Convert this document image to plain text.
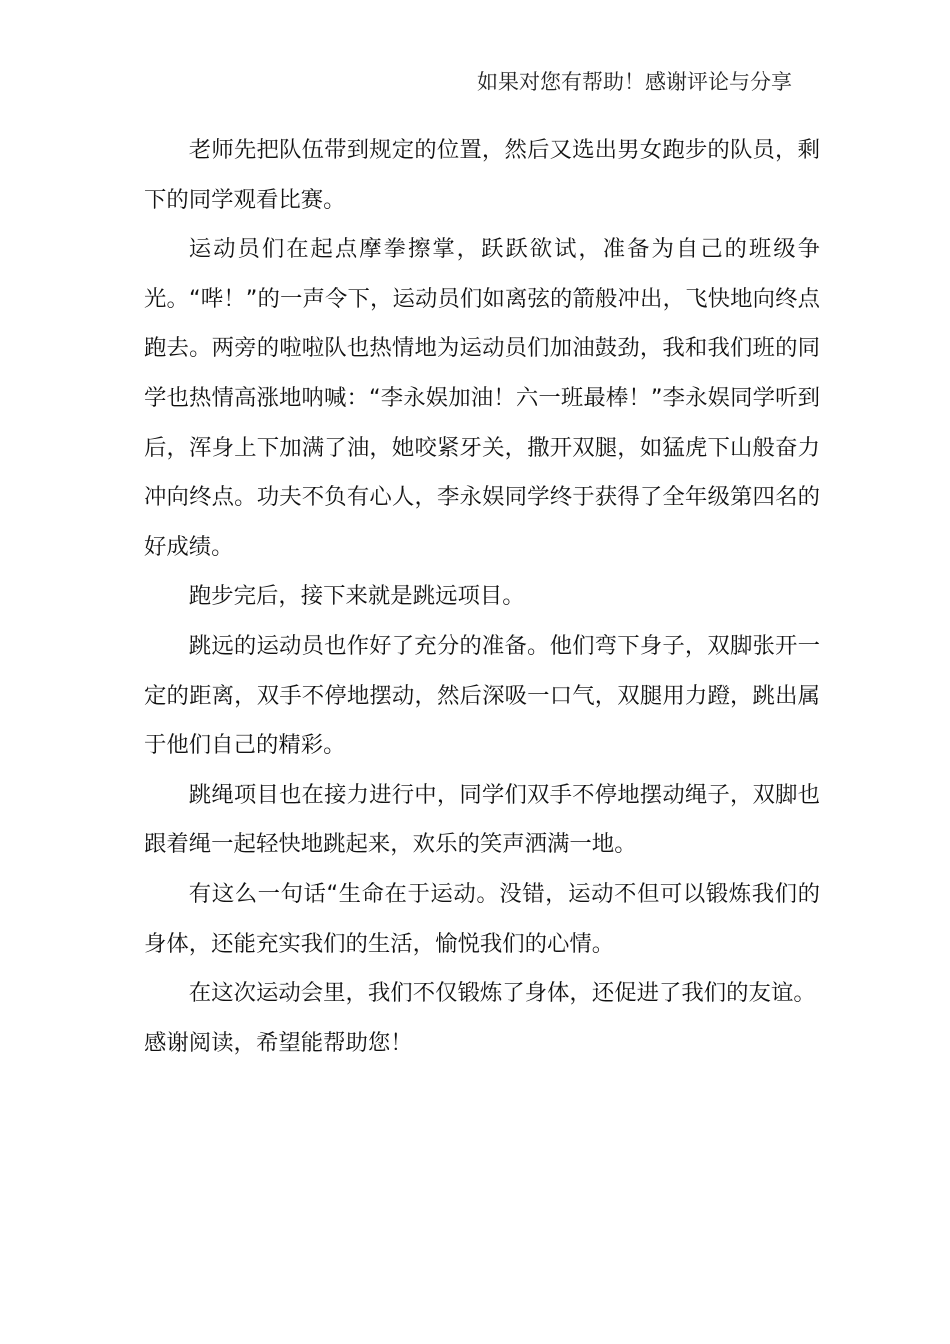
如果对您有帮助！感谢评论与分享

老师先把队伍带到规定的位置，然后又选出男女跑步的队员，剩下的同学观看比赛。

运动员们在起点摩拳擦掌，跃跃欲试，准备为自己的班级争光。“哔！”的一声令下，运动员们如离弦的箭般冲出，飞快地向终点跑去。两旁的啦啦队也热情地为运动员们加油鼓劲，我和我们班的同学也热情高涨地呐喊：“李永娱加油！六一班最棒！”李永娱同学听到后，浑身上下加满了油，她咬紧牙关，撒开双腿，如猛虎下山般奋力冲向终点。功夫不负有心人，李永娱同学终于获得了全年级第四名的好成绩。

跑步完后，接下来就是跳远项目。

跳远的运动员也作好了充分的准备。他们弯下身子，双脚张开一定的距离，双手不停地摆动，然后深吸一口气，双腿用力蹬，跳出属于他们自己的精彩。

跳绳项目也在接力进行中，同学们双手不停地摆动绳子，双脚也跟着绳一起轻快地跳起来，欢乐的笑声洒满一地。

有这么一句话“生命在于运动。没错，运动不但可以锻炼我们的身体，还能充实我们的生活，愉悦我们的心情。

在这次运动会里，我们不仅锻炼了身体，还促进了我们的友谊。

感谢阅读，希望能帮助您！
